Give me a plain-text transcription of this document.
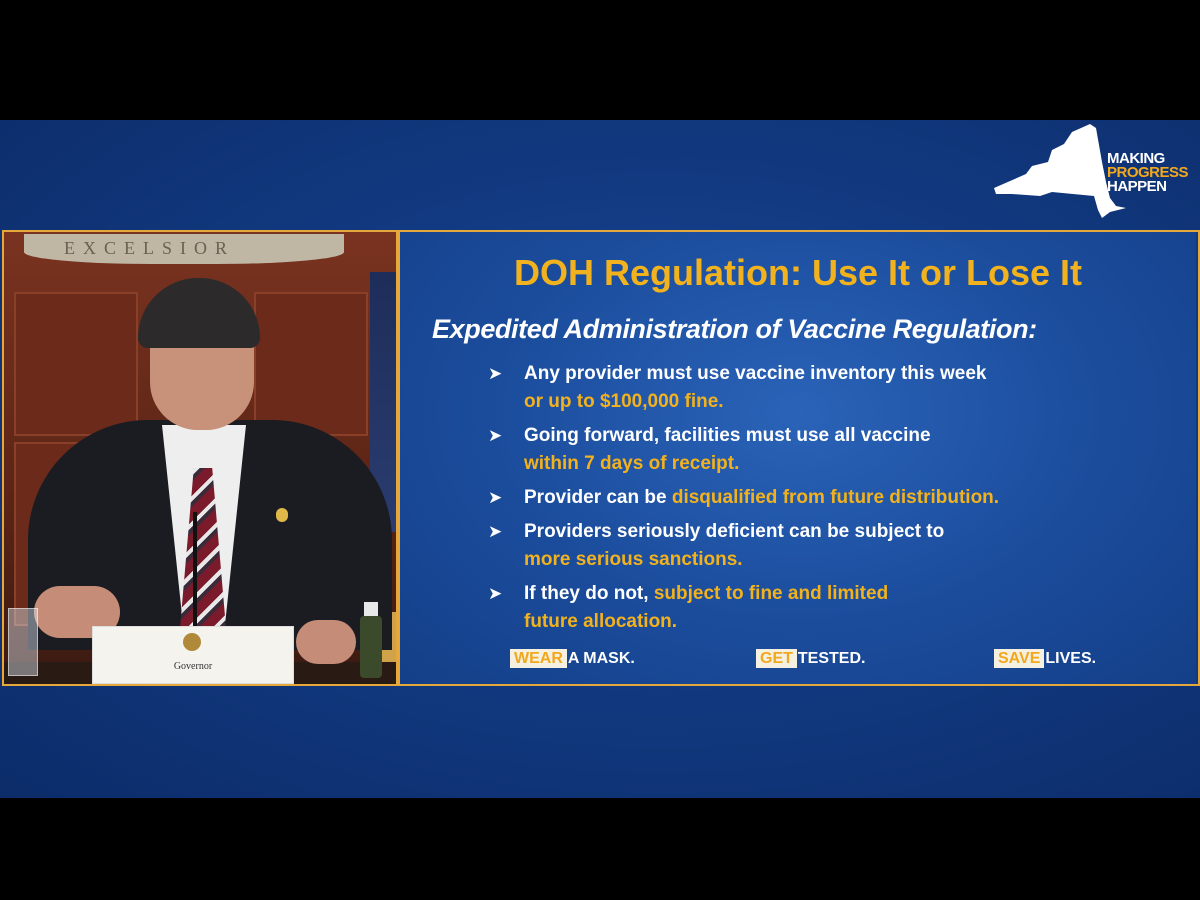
NEW
YORK
STATE
MAKING
PROGRESS
HAPPEN
EXCELSIOR
Governor
DOH Regulation: Use It or Lose It
Expedited Administration of Vaccine Regulation:
➤ Any provider must use vaccine inventory this week
or up to $100,000 fine.
➤ Going forward, facilities must use all vaccine
within 7 days of receipt.
➤ Provider can be disqualified from future distribution.
➤ Providers seriously deficient can be subject to
more serious sanctions.
➤ If they do not, subject to fine and limited future allocation.
WEAR A MASK.	GET TESTED.	SAVE LIVES.
